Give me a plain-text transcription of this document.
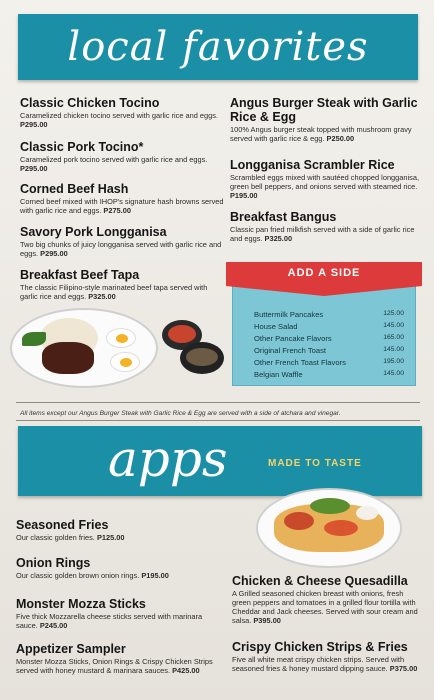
local favorites
Classic Chicken Tocino
Caramelized chicken tocino served with garlic rice and eggs. P295.00
Classic Pork Tocino*
Caramelized pork tocino served with garlic rice and eggs. P295.00
Corned Beef Hash
Corned beef mixed with IHOP's signature hash browns served with garlic rice and eggs. P275.00
Savory Pork Longganisa
Two big chunks of juicy longganisa served with garlic rice and eggs. P295.00
Breakfast Beef Tapa
The classic Filipino-style marinated beef tapa served with garlic rice and eggs. P325.00
Angus Burger Steak with Garlic Rice & Egg
100% Angus burger steak topped with mushroom gravy served with garlic rice & egg. P250.00
Longganisa Scrambler Rice
Scrambled eggs mixed with sautéed chopped longganisa, green bell peppers, and onions served with steamed rice. P195.00
Breakfast Bangus
Classic pan fried milkfish served with a side of garlic rice and eggs. P325.00
ADD A SIDE
Buttermilk Pancakes	125.00
House Salad	145.00
Other Pancake Flavors	165.00
Original French Toast	145.00
Other French Toast Flavors	195.00
Belgian Waffle	145.00
All items except our Angus Burger Steak with Garlic Rice & Egg are served with a side of atchara and vinegar.
apps	MADE TO TASTE
Seasoned Fries
Our classic golden fries. P125.00
Onion Rings
Our classic golden brown onion rings. P195.00
Monster Mozza Sticks
Five thick Mozzarella cheese sticks served with marinara sauce. P245.00
Appetizer Sampler
Monster Mozza Sticks, Onion Rings & Crispy Chicken Strips served with honey mustard & marinara sauces. P425.00
Chicken & Cheese Quesadilla
A Grilled seasoned chicken breast with onions, fresh green peppers and tomatoes in a grilled flour tortilla with Cheddar and Jack cheeses. Served with sour cream and salsa. P395.00
Crispy Chicken Strips & Fries
Five all white meat crispy chicken strips. Served with seasoned fries & honey mustard dipping sauce. P375.00
